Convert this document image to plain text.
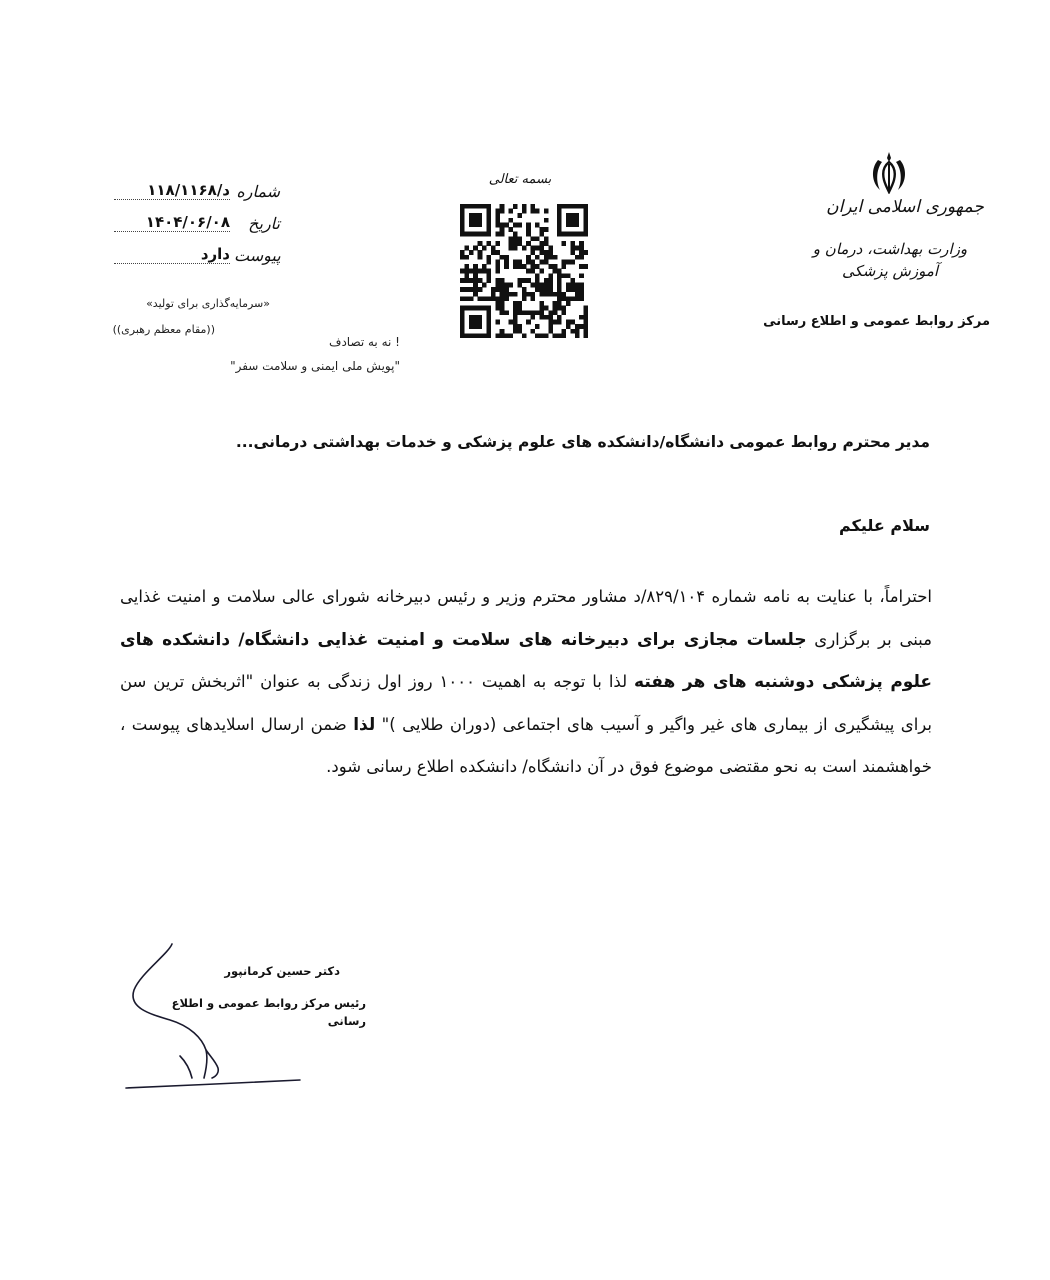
جمهوری اسلامی ایران
وزارت بهداشت، درمان و آموزش پزشکی
مرکز روابط عمومی و اطلاع رسانی
بسمه تعالی
شماره
د/۱۱۸/۱۱۶۸
تاریخ
۱۴۰۴/۰۶/۰۸
پیوست
دارد
«سرمایه‌گذاری برای تولید»
((مقام معظم رهبری))
! نه به تصادف
"پویش ملی ایمنی و سلامت سفر"
مدیر محترم روابط عمومی دانشگاه/دانشکده های علوم پزشکی و خدمات بهداشتی درمانی...
سلام علیکم
احتراماً، با عنایت به نامه شماره ۸۲۹/۱۰۴/د مشاور محترم وزیر و رئیس دبیرخانه شورای عالی سلامت و امنیت غذایی مبنی بر برگزاری جلسات مجازی برای دبیرخانه های سلامت و امنیت غذایی دانشگاه/ دانشکده های علوم پزشکی دوشنبه های هر هفته لذا با توجه به اهمیت ۱۰۰۰ روز اول زندگی به عنوان "اثربخش ترین سن برای پیشگیری از بیماری های غیر واگیر و آسیب های اجتماعی (دوران طلایی )" لذا ضمن ارسال اسلایدهای پیوست ، خواهشمند است به نحو مقتضی موضوع فوق در آن دانشگاه/ دانشکده اطلاع رسانی شود.
دکتر حسین کرمانپور
رئیس مرکز روابط عمومی و اطلاع رسانی
